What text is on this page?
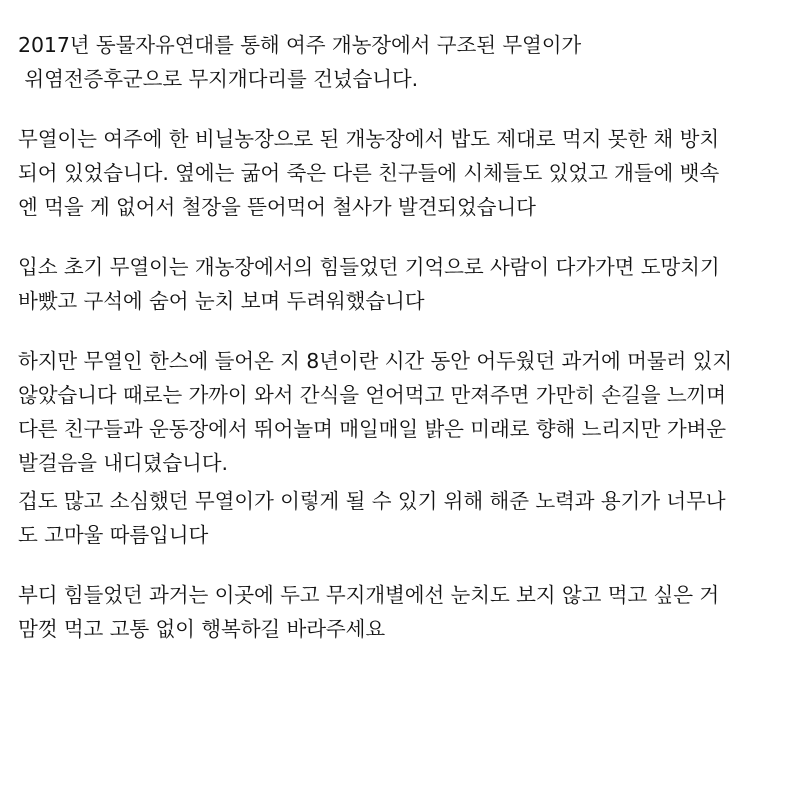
2017년 동물자유연대를 통해 여주 개농장에서 구조된 무열이가
위염전증후군으로 무지개다리를 건넜습니다.
무열이는 여주에 한 비닐농장으로 된 개농장에서 밥도 제대로 먹지 못한 채 방치
되어 있었습니다. 옆에는 굶어 죽은 다른 친구들에 시체들도 있었고 개들에 뱃속
엔 먹을 게 없어서 철장을 뜯어먹어 철사가 발견되었습니다
입소 초기 무열이는 개농장에서의 힘들었던 기억으로 사람이 다가가면 도망치기
바빴고 구석에 숨어 눈치 보며 두려워했습니다
하지만 무열인 한스에 들어온 지 8년이란 시간 동안 어두웠던 과거에 머물러 있지
않았습니다 때로는 가까이 와서 간식을 얻어먹고 만져주면 가만히 손길을 느끼며
다른 친구들과 운동장에서 뛰어놀며 매일매일 밝은 미래로 향해 느리지만 가벼운
발걸음을 내디뎠습니다.
겁도 많고 소심했던 무열이가 이렇게 될 수 있기 위해 해준 노력과 용기가 너무나
도 고마울 따름입니다
부디 힘들었던 과거는 이곳에 두고 무지개별에선 눈치도 보지 않고 먹고 싶은 거
맘껏 먹고 고통 없이 행복하길 바라주세요
